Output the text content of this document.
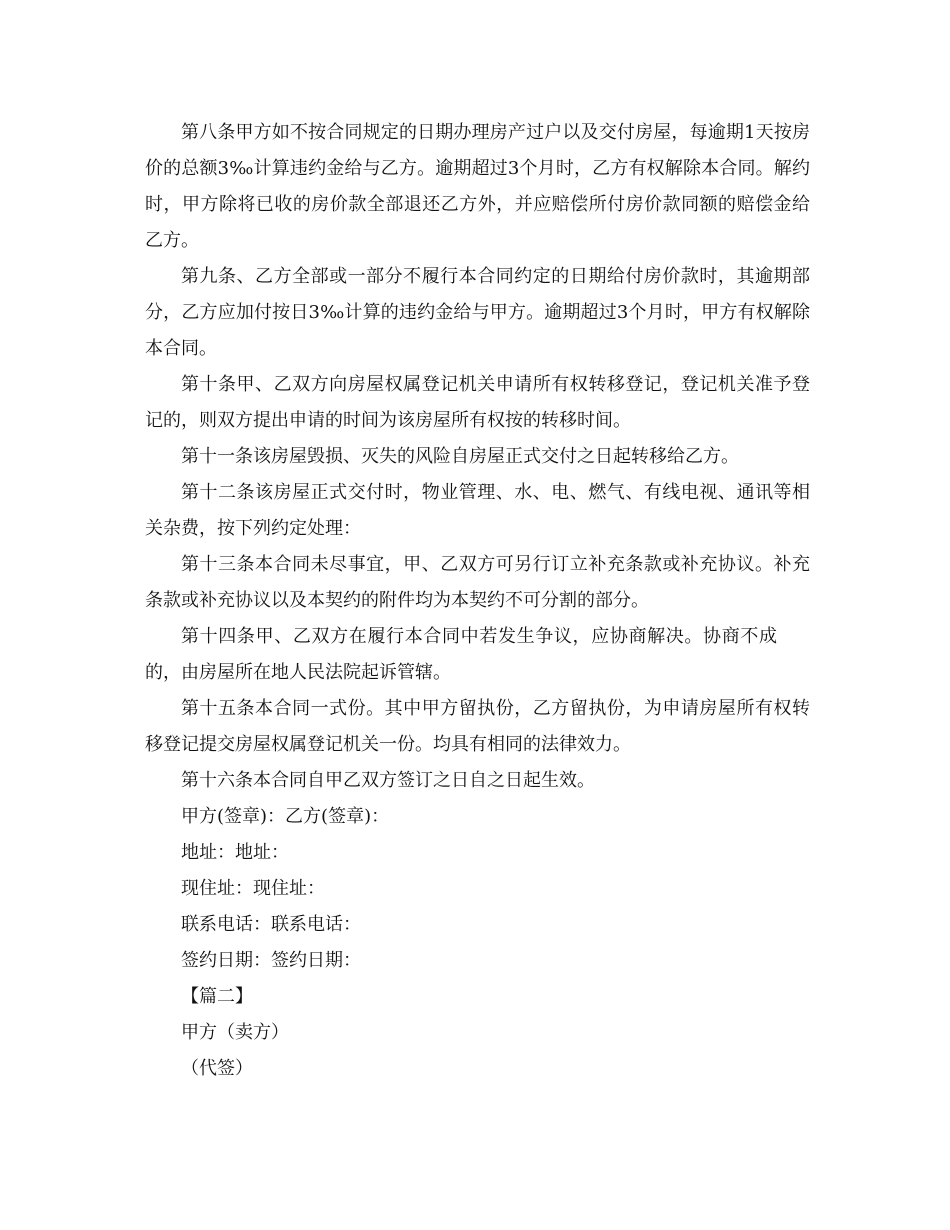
第八条甲方如不按合同规定的日期办理房产过户以及交付房屋，每逾期1天按房价的总额3‰计算违约金给与乙方。逾期超过3个月时，乙方有权解除本合同。解约时，甲方除将已收的房价款全部退还乙方外，并应赔偿所付房价款同额的赔偿金给乙方。

第九条、乙方全部或一部分不履行本合同约定的日期给付房价款时，其逾期部分，乙方应加付按日3‰计算的违约金给与甲方。逾期超过3个月时，甲方有权解除本合同。

第十条甲、乙双方向房屋权属登记机关申请所有权转移登记，登记机关准予登记的，则双方提出申请的时间为该房屋所有权按的转移时间。

第十一条该房屋毁损、灭失的风险自房屋正式交付之日起转移给乙方。

第十二条该房屋正式交付时，物业管理、水、电、燃气、有线电视、通讯等相关杂费，按下列约定处理：

第十三条本合同未尽事宜，甲、乙双方可另行订立补充条款或补充协议。补充条款或补充协议以及本契约的附件均为本契约不可分割的部分。

第十四条甲、乙双方在履行本合同中若发生争议，应协商解决。协商不成的，由房屋所在地人民法院起诉管辖。

第十五条本合同一式份。其中甲方留执份，乙方留执份，为申请房屋所有权转移登记提交房屋权属登记机关一份。均具有相同的法律效力。

第十六条本合同自甲乙双方签订之日自之日起生效。

甲方(签章)：乙方(签章)：

地址：地址：

现住址：现住址：

联系电话：联系电话：

签约日期：签约日期：

【篇二】

甲方（卖方）

（代签）
